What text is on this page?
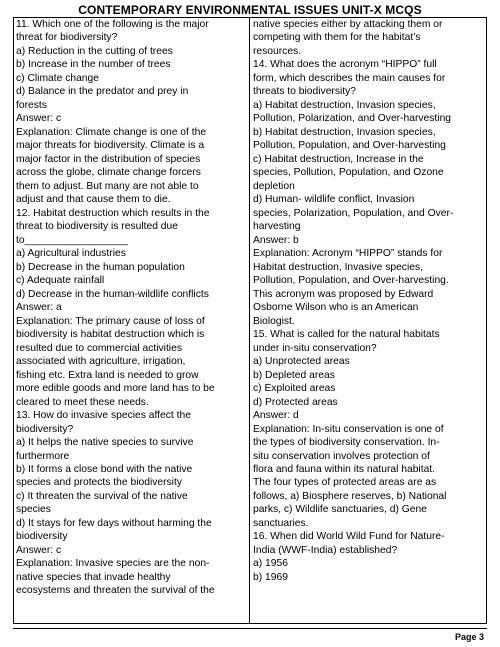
CONTEMPORARY ENVIRONMENTAL ISSUES UNIT-X MCQS
11. Which one of the following is the major
threat for biodiversity?
a) Reduction in the cutting of trees
b) Increase in the number of trees
c) Climate change
d) Balance in the predator and prey in
forests
Answer: c
Explanation: Climate change is one of the
major threats for biodiversity. Climate is a
major factor in the distribution of species
across the globe, climate change forcers
them to adjust. But many are not able to
adjust and that cause them to die.
12. Habitat destruction which results in the
threat to biodiversity is resulted due
to__________________
a) Agricultural industries
b) Decrease in the human population
c) Adequate rainfall
d) Decrease in the human-wildlife conflicts
Answer: a
Explanation: The primary cause of loss of
biodiversity is habitat destruction which is
resulted due to commercial activities
associated with agriculture, irrigation,
fishing etc. Extra land is needed to grow
more edible goods and more land has to be
cleared to meet these needs.
13. How do invasive species affect the
biodiversity?
a) It helps the native species to survive
furthermore
b) It forms a close bond with the native
species and protects the biodiversity
c) It threaten the survival of the native
species
d) It stays for few days without harming the
biodiversity
Answer: c
Explanation: Invasive species are the non-
native species that invade healthy
ecosystems and threaten the survival of the
native species either by attacking them or
competing with them for the habitat’s
resources.
14. What does the acronym “HIPPO” full
form, which describes the main causes for
threats to biodiversity?
a) Habitat destruction, Invasion species,
Pollution, Polarization, and Over-harvesting
b) Habitat destruction, Invasion species,
Pollution, Population, and Over-harvesting
c) Habitat destruction, Increase in the
species, Pollution, Population, and Ozone
depletion
d) Human- wildlife conflict, Invasion
species, Polarization, Population, and Over-
harvesting
Answer: b
Explanation: Acronym “HIPPO” stands for
Habitat destruction, Invasive species,
Pollution, Population, and Over-harvesting.
This acronym was proposed by Edward
Osborne Wilson who is an American
Biologist.
15. What is called for the natural habitats
under in-situ conservation?
a) Unprotected areas
b) Depleted areas
c) Exploited areas
d) Protected areas
Answer: d
Explanation: In-situ conservation is one of
the types of biodiversity conservation. In-
situ conservation involves protection of
flora and fauna within its natural habitat.
The four types of protected areas are as
follows, a) Biosphere reserves, b) National
parks, c) Wildlife sanctuaries, d) Gene
sanctuaries.
16. When did World Wild Fund for Nature-
India (WWF-India) established?
a) 1956
b) 1969
Page 3
